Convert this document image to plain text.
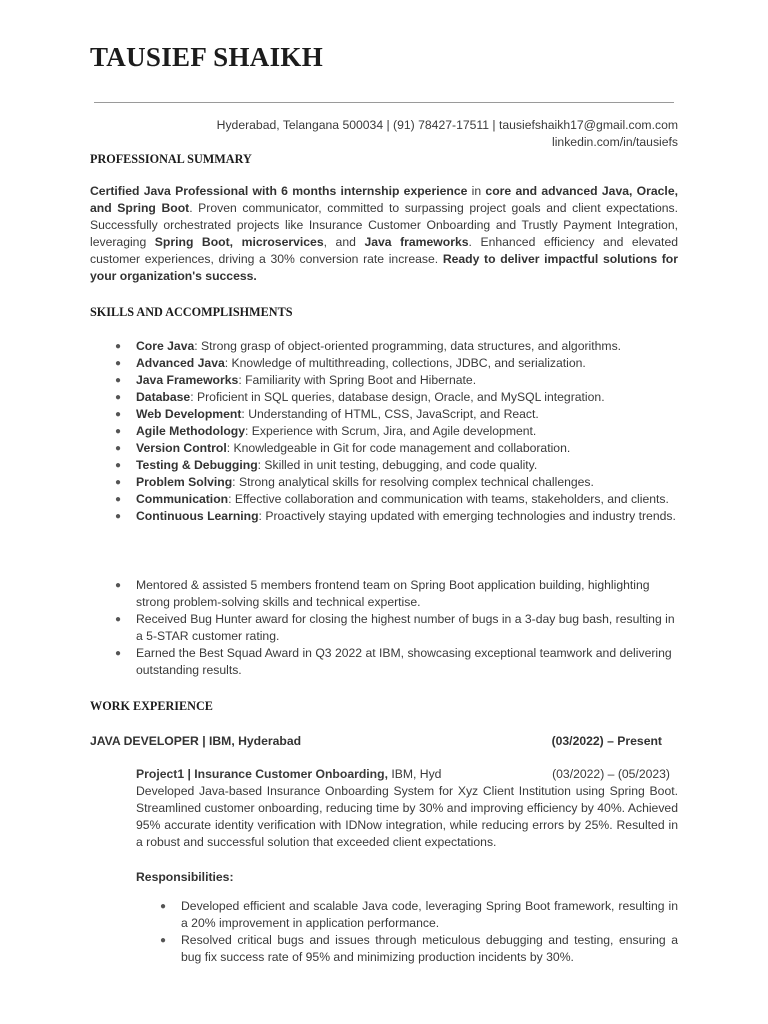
TAUSIEF SHAIKH
Hyderabad, Telangana 500034 | (91) 78427-17511 | tausiefshaikh17@gmail.com.com
linkedin.com/in/tausiefs
PROFESSIONAL SUMMARY

Certified Java Professional with 6 months internship experience in core and advanced Java, Oracle, and Spring Boot. Proven communicator, committed to surpassing project goals and client expectations. Successfully orchestrated projects like Insurance Customer Onboarding and Trustly Payment Integration, leveraging Spring Boot, microservices, and Java frameworks. Enhanced efficiency and elevated customer experiences, driving a 30% conversion rate increase. Ready to deliver impactful solutions for your organization's success.

SKILLS AND ACCOMPLISHMENTS
● Core Java: Strong grasp of object-oriented programming, data structures, and algorithms.
● Advanced Java: Knowledge of multithreading, collections, JDBC, and serialization.
● Java Frameworks: Familiarity with Spring Boot and Hibernate.
● Database: Proficient in SQL queries, database design, Oracle, and MySQL integration.
● Web Development: Understanding of HTML, CSS, JavaScript, and React.
● Agile Methodology: Experience with Scrum, Jira, and Agile development.
● Version Control: Knowledgeable in Git for code management and collaboration.
● Testing & Debugging: Skilled in unit testing, debugging, and code quality.
● Problem Solving: Strong analytical skills for resolving complex technical challenges.
● Communication: Effective collaboration and communication with teams, stakeholders, and clients.
● Continuous Learning: Proactively staying updated with emerging technologies and industry trends.
● Mentored & assisted 5 members frontend team on Spring Boot application building, highlighting strong problem-solving skills and technical expertise.
● Received Bug Hunter award for closing the highest number of bugs in a 3-day bug bash, resulting in a 5-STAR customer rating.
● Earned the Best Squad Award in Q3 2022 at IBM, showcasing exceptional teamwork and delivering outstanding results.
WORK EXPERIENCE
JAVA DEVELOPER | IBM, Hyderabad	(03/2022) – Present
Project1 | Insurance Customer Onboarding, IBM, Hyd	(03/2022) – (05/2023)

Developed Java-based Insurance Onboarding System for Xyz Client Institution using Spring Boot. Streamlined customer onboarding, reducing time by 30% and improving efficiency by 40%. Achieved 95% accurate identity verification with IDNow integration, while reducing errors by 25%. Resulted in a robust and successful solution that exceeded client expectations.

Responsibilities:
● Developed efficient and scalable Java code, leveraging Spring Boot framework, resulting in a 20% improvement in application performance.
● Resolved critical bugs and issues through meticulous debugging and testing, ensuring a bug fix success rate of 95% and minimizing production incidents by 30%.
